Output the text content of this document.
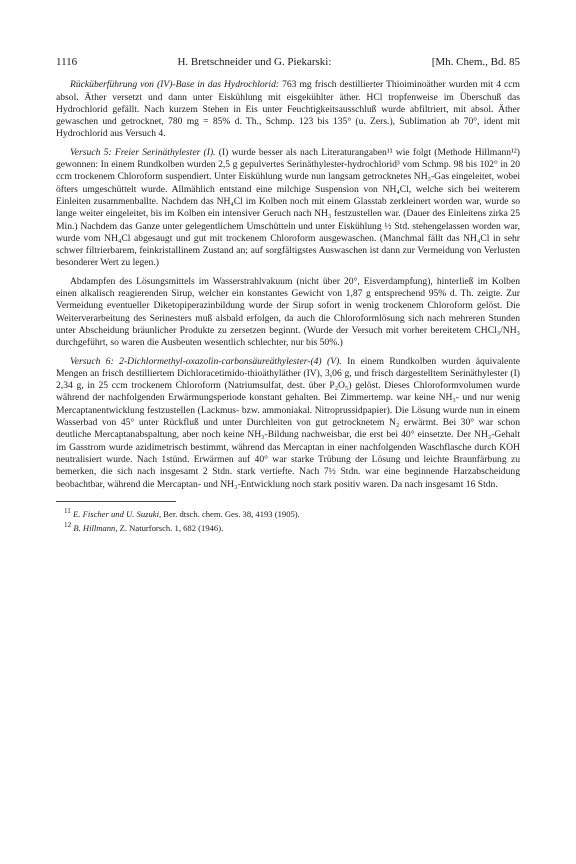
1116	H. Bretschneider und G. Piekarski:	[Mh. Chem., Bd. 85

Rücküberführung von (IV)-Base in das Hydrochlorid: 763 mg frisch destillierter Thioiminoäther wurden mit 4 ccm absol. Äther versetzt und dann unter Eiskühlung mit eisgekühlter äther. HCl tropfenweise im Überschuß das Hydrochlorid gefällt. Nach kurzem Stehen in Eis unter Feuchtigkeitsausschluß wurde abfiltriert, mit absol. Äther gewaschen und getrocknet, 780 mg = 85% d. Th., Schmp. 123 bis 135° (u. Zers.), Sublimation ab 70°, ident mit Hydrochlorid aus Versuch 4.

Versuch 5: Freier Serinäthylester (I). (I) wurde besser als nach Literaturangaben¹¹ wie folgt (Methode Hillmann¹²) gewonnen: In einem Rundkolben wurden 2,5 g gepulvertes Serinäthylester-hydrochlorid³ vom Schmp. 98 bis 102° in 20 ccm trockenem Chloroform suspendiert. Unter Eiskühlung wurde nun langsam getrocknetes NH₃-Gas eingeleitet, wobei öfters umgeschüttelt wurde. Allmählich entstand eine milchige Suspension von NH₄Cl, welche sich bei weiterem Einleiten zusammenballte. Nachdem das NH₄Cl im Kolben noch mit einem Glasstab zerkleinert worden war, wurde so lange weiter eingeleitet, bis im Kolben ein intensiver Geruch nach NH₃ festzustellen war. (Dauer des Einleitens zirka 25 Min.) Nachdem das Ganze unter gelegentlichem Umschütteln und unter Eiskühlung ½ Std. stehengelassen worden war, wurde vom NH₄Cl abgesaugt und gut mit trockenem Chloroform ausgewaschen. (Manchmal fällt das NH₄Cl in sehr schwer filtrierbarem, feinkristallinem Zustand an; auf sorgfältigstes Auswaschen ist dann zur Vermeidung von Verlusten besonderer Wert zu legen.)

Abdampfen des Lösungsmittels im Wasserstrahlvakuum (nicht über 20°, Eisverdampfung), hinterließ im Kolben einen alkalisch reagierenden Sirup, welcher ein konstantes Gewicht von 1,87 g entsprechend 95% d. Th. zeigte. Zur Vermeidung eventueller Diketopiperazinbildung wurde der Sirup sofort in wenig trockenem Chloroform gelöst. Die Weiterverarbeitung des Serinesters muß alsbald erfolgen, da auch die Chloroformlösung sich nach mehreren Stunden unter Abscheidung bräunlicher Produkte zu zersetzen beginnt. (Wurde der Versuch mit vorher bereitetem CHCl₃/NH₃ durchgeführt, so waren die Ausbeuten wesentlich schlechter, nur bis 50%.)

Versuch 6: 2-Dichlormethyl-oxazolin-carbonsäureäthylester-(4) (V). In einem Rundkolben wurden äquivalente Mengen an frisch destilliertem Dichloracetimido-thioäthyläther (IV), 3,06 g, und frisch dargestelltem Serinäthylester (I) 2,34 g, in 25 ccm trockenem Chloroform (Natriumsulfat, dest. über P₂O₅) gelöst. Dieses Chloroformvolumen wurde während der nachfolgenden Erwärmungsperiode konstant gehalten. Bei Zimmertemp. war keine NH₃- und nur wenig Mercaptanentwicklung festzustellen (Lackmus- bzw. ammoniakal. Nitroprussidpapier). Die Lösung wurde nun in einem Wasserbad von 45° unter Rückfluß und unter Durchleiten von gut getrocknetem N₂ erwärmt. Bei 30° war schon deutliche Mercaptanabspaltung, aber noch keine NH₃-Bildung nachweisbar, die erst bei 40° einsetzte. Der NH₃-Gehalt im Gasstrom wurde azidimetrisch bestimmt, während das Mercaptan in einer nachfolgenden Waschflasche durch KOH neutralisiert wurde. Nach 1stünd. Erwärmen auf 40° war starke Trübung der Lösung und leichte Braunfärbung zu bemerken, die sich nach insgesamt 2 Stdn. stark vertiefte. Nach 7½ Stdn. war eine beginnende Harzabscheidung beobachtbar, während die Mercaptan- und NH₃-Entwicklung noch stark positiv waren. Da nach insgesamt 16 Stdn.

$^{11}$ E. Fischer und U. Suzuki, Ber. dtsch. chem. Ges. 38, 4193 (1905).

$^{12}$ B. Hillmann, Z. Naturforsch. 1, 682 (1946).
